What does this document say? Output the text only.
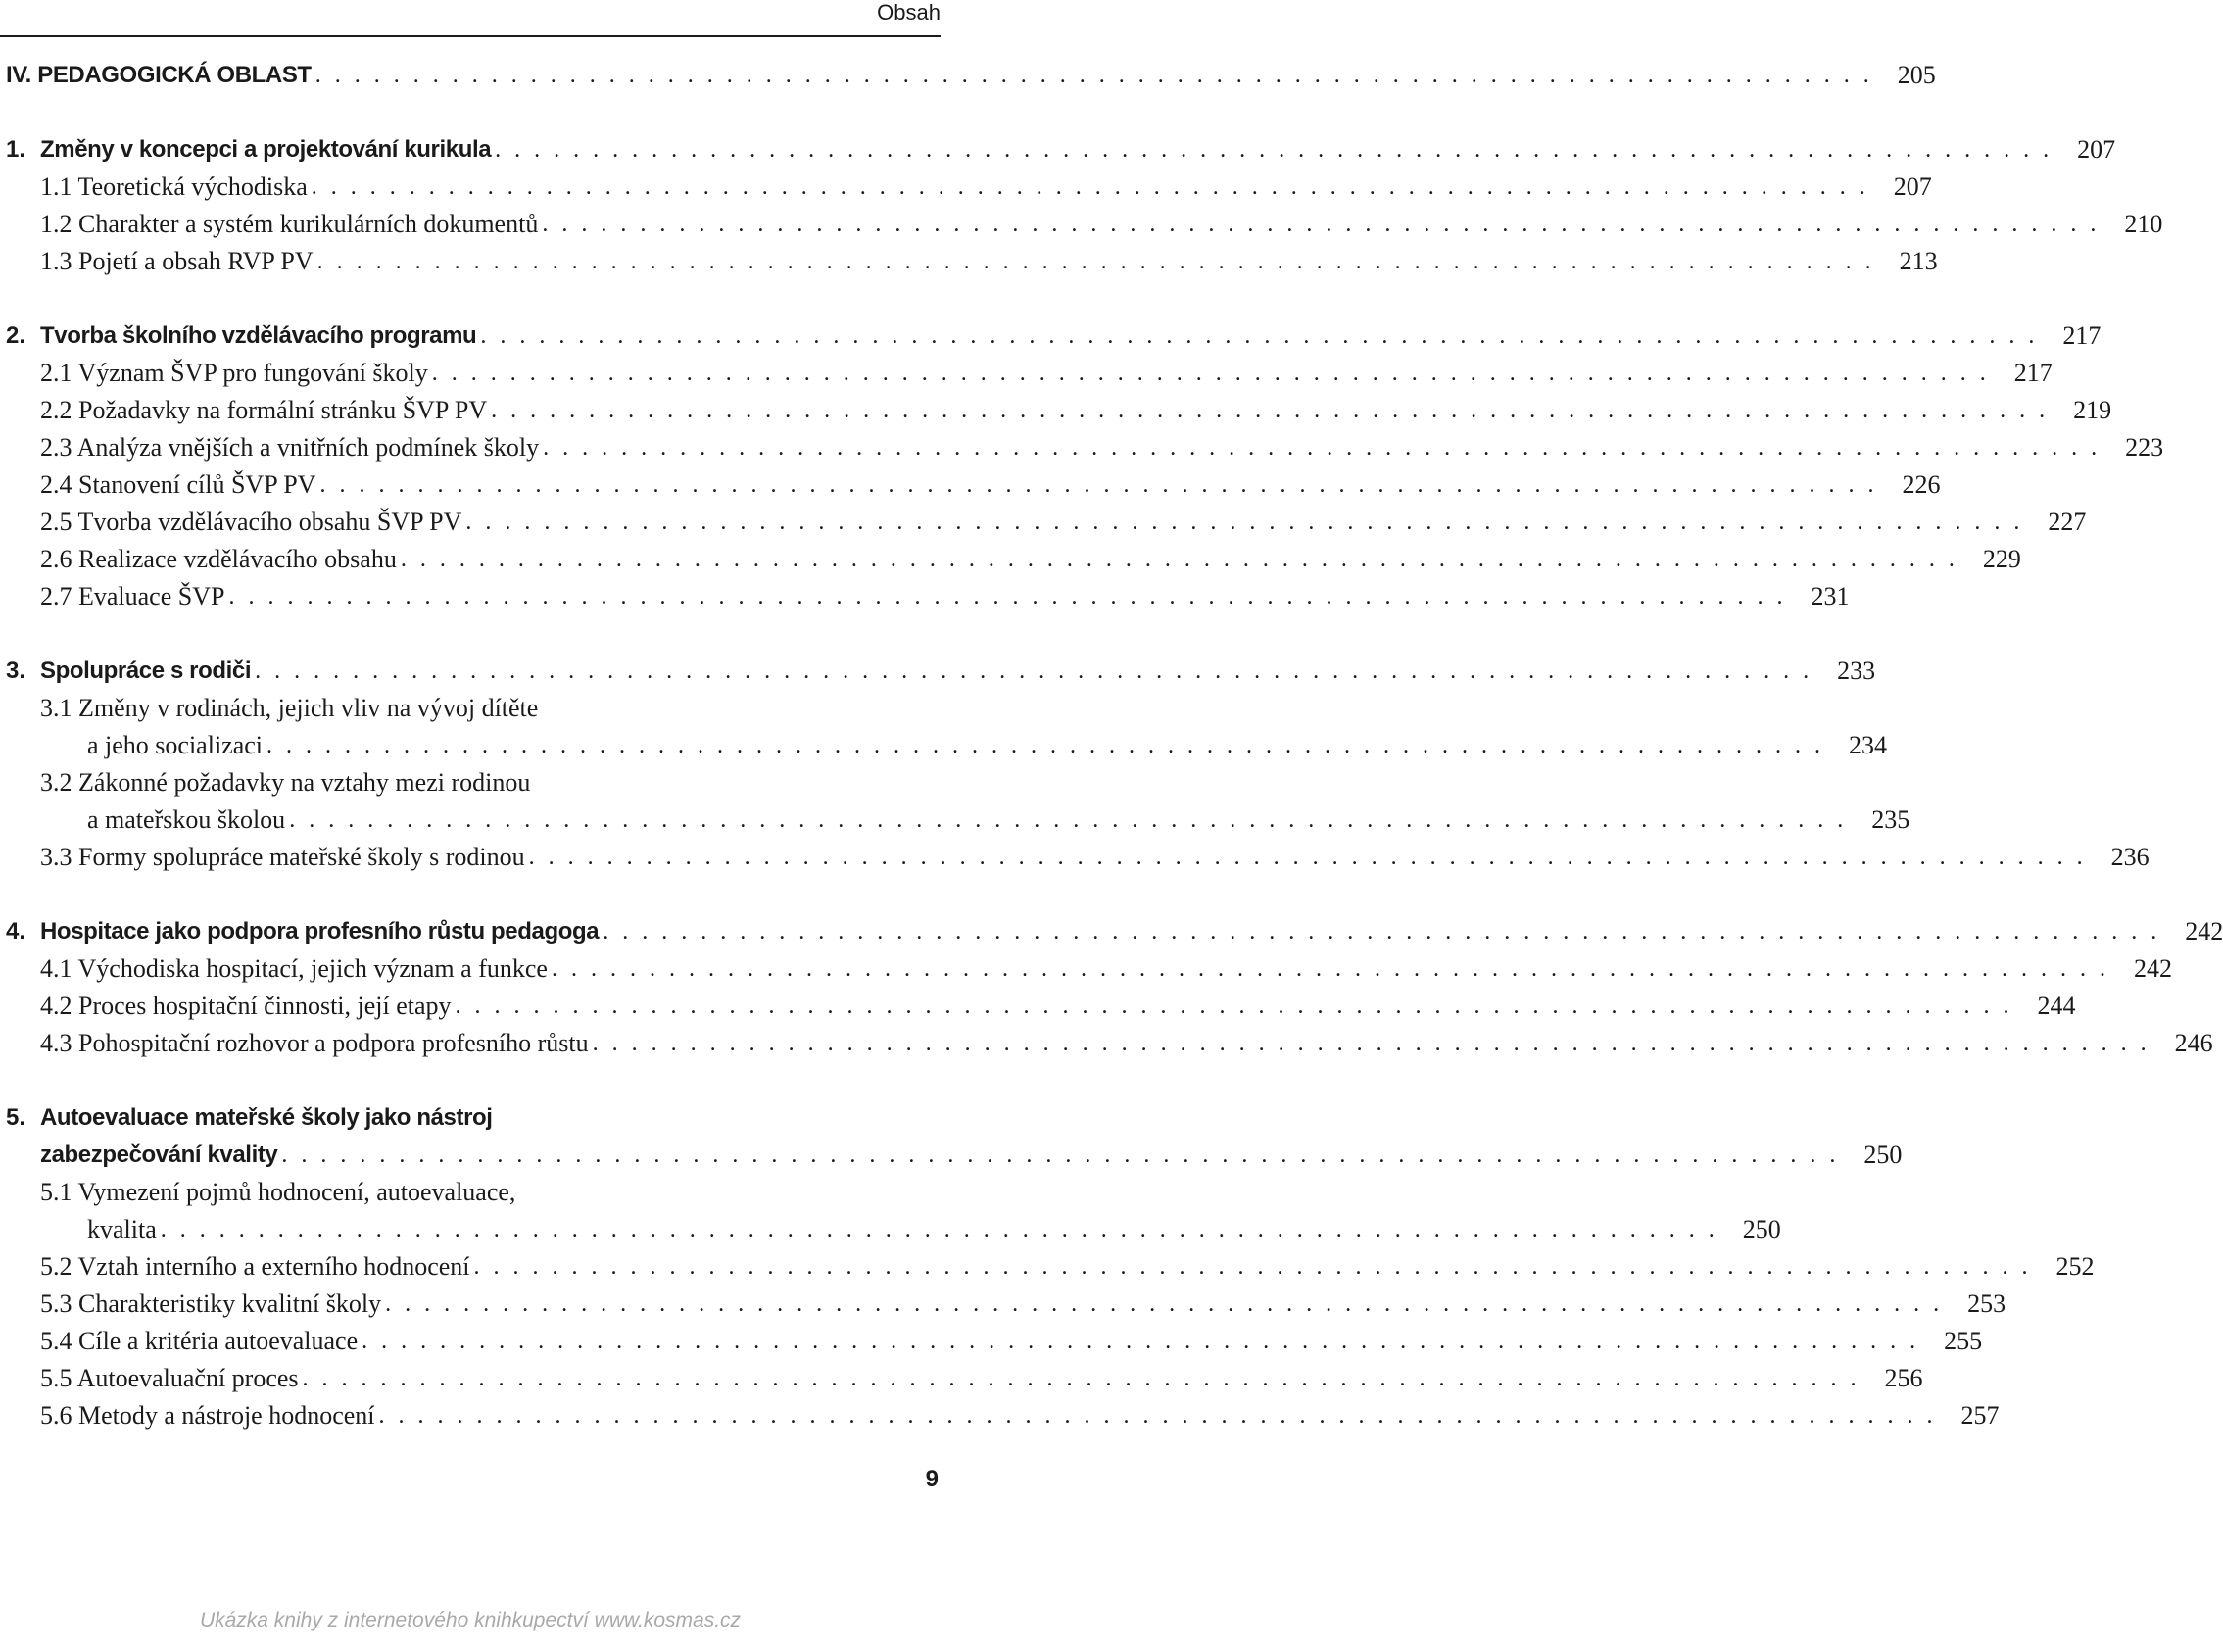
Obsah
IV. PEDAGOGICKÁ OBLAST . . . . . . . . . . . . . . . . . . . . . . . . . . . . . . . . . . . . . . . . . . . . . . . . . . . . . . . . . . . . . . . . . . . . . . . . . . . . . . . . 205
1. Změny v koncepci a projektování kurikula . . . . . . . . . . . . . . . . . . . . . . . . . . . . . . . . . . . . . . . . . . . . . . . . . . . . . . . . . . . . . . . . . . . . . . . . . . . . . . . . 207
1.1 Teoretická východiska . . . . . . . . . . . . . . . . . . . . . . . . . . . . . . . . . . . . . . . . . . . . . . . . . . . . . . . . . . . . . . . . . . . . . . . . . . . . . . . . 207
1.2 Charakter a systém kurikulárních dokumentů . . . . . . . . . . . . . . . . . . . . . . . . . . . . . . . . . . . . . . . . . . . . . . . . . . . . . . . . . . . . . . . . . . . . . . . . . . . . . . . . 210
1.3 Pojetí a obsah RVP PV . . . . . . . . . . . . . . . . . . . . . . . . . . . . . . . . . . . . . . . . . . . . . . . . . . . . . . . . . . . . . . . . . . . . . . . . . . . . . . . . 213
2. Tvorba školního vzdělávacího programu . . . . . . . . . . . . . . . . . . . . . . . . . . . . . . . . . . . . . . . . . . . . . . . . . . . . . . . . . . . . . . . . . . . . . . . . . . . . . . . . 217
2.1 Význam ŠVP pro fungování školy . . . . . . . . . . . . . . . . . . . . . . . . . . . . . . . . . . . . . . . . . . . . . . . . . . . . . . . . . . . . . . . . . . . . . . . . . . . . . . . . 217
2.2 Požadavky na formální stránku ŠVP PV . . . . . . . . . . . . . . . . . . . . . . . . . . . . . . . . . . . . . . . . . . . . . . . . . . . . . . . . . . . . . . . . . . . . . . . . . . . . . . . . 219
2.3 Analýza vnějších a vnitřních podmínek školy . . . . . . . . . . . . . . . . . . . . . . . . . . . . . . . . . . . . . . . . . . . . . . . . . . . . . . . . . . . . . . . . . . . . . . . . . . . . . . . . 223
2.4 Stanovení cílů ŠVP PV . . . . . . . . . . . . . . . . . . . . . . . . . . . . . . . . . . . . . . . . . . . . . . . . . . . . . . . . . . . . . . . . . . . . . . . . . . . . . . . . 226
2.5 Tvorba vzdělávacího obsahu ŠVP PV . . . . . . . . . . . . . . . . . . . . . . . . . . . . . . . . . . . . . . . . . . . . . . . . . . . . . . . . . . . . . . . . . . . . . . . . . . . . . . . . 227
2.6 Realizace vzdělávacího obsahu . . . . . . . . . . . . . . . . . . . . . . . . . . . . . . . . . . . . . . . . . . . . . . . . . . . . . . . . . . . . . . . . . . . . . . . . . . . . . . . . 229
2.7 Evaluace ŠVP . . . . . . . . . . . . . . . . . . . . . . . . . . . . . . . . . . . . . . . . . . . . . . . . . . . . . . . . . . . . . . . . . . . . . . . . . . . . . . . . 231
3. Spolupráce s rodiči . . . . . . . . . . . . . . . . . . . . . . . . . . . . . . . . . . . . . . . . . . . . . . . . . . . . . . . . . . . . . . . . . . . . . . . . . . . . . . . . 233
3.1 Změny v rodinách, jejich vliv na vývoj dítěte
a jeho socializaci . . . . . . . . . . . . . . . . . . . . . . . . . . . . . . . . . . . . . . . . . . . . . . . . . . . . . . . . . . . . . . . . . . . . . . . . . . . . . . . . 234
3.2 Zákonné požadavky na vztahy mezi rodinou
a mateřskou školou . . . . . . . . . . . . . . . . . . . . . . . . . . . . . . . . . . . . . . . . . . . . . . . . . . . . . . . . . . . . . . . . . . . . . . . . . . . . . . . . 235
3.3 Formy spolupráce mateřské školy s rodinou . . . . . . . . . . . . . . . . . . . . . . . . . . . . . . . . . . . . . . . . . . . . . . . . . . . . . . . . . . . . . . . . . . . . . . . . . . . . . . . . 236
4. Hospitace jako podpora profesního růstu pedagoga . . . . . . . . . . . . . . . . . . . . . . . . . . . . . . . . . . . . . . . . . . . . . . . . . . . . . . . . . . . . . . . . . . . . . . . . . . . . . . . . 242
4.1 Východiska hospitací, jejich význam a funkce . . . . . . . . . . . . . . . . . . . . . . . . . . . . . . . . . . . . . . . . . . . . . . . . . . . . . . . . . . . . . . . . . . . . . . . . . . . . . . . . 242
4.2 Proces hospitační činnosti, její etapy . . . . . . . . . . . . . . . . . . . . . . . . . . . . . . . . . . . . . . . . . . . . . . . . . . . . . . . . . . . . . . . . . . . . . . . . . . . . . . . . 244
4.3 Pohospitační rozhovor a podpora profesního růstu . . . . . . . . . . . . . . . . . . . . . . . . . . . . . . . . . . . . . . . . . . . . . . . . . . . . . . . . . . . . . . . . . . . . . . . . . . . . . . . . 246
5. Autoevaluace mateřské školy jako nástroj
zabezpečování kvality . . . . . . . . . . . . . . . . . . . . . . . . . . . . . . . . . . . . . . . . . . . . . . . . . . . . . . . . . . . . . . . . . . . . . . . . . . . . . . . . 250
5.1 Vymezení pojmů hodnocení, autoevaluace,
kvalita . . . . . . . . . . . . . . . . . . . . . . . . . . . . . . . . . . . . . . . . . . . . . . . . . . . . . . . . . . . . . . . . . . . . . . . . . . . . . . . . 250
5.2 Vztah interního a externího hodnocení . . . . . . . . . . . . . . . . . . . . . . . . . . . . . . . . . . . . . . . . . . . . . . . . . . . . . . . . . . . . . . . . . . . . . . . . . . . . . . . . 252
5.3 Charakteristiky kvalitní školy . . . . . . . . . . . . . . . . . . . . . . . . . . . . . . . . . . . . . . . . . . . . . . . . . . . . . . . . . . . . . . . . . . . . . . . . . . . . . . . . 253
5.4 Cíle a kritéria autoevaluace . . . . . . . . . . . . . . . . . . . . . . . . . . . . . . . . . . . . . . . . . . . . . . . . . . . . . . . . . . . . . . . . . . . . . . . . . . . . . . . . 255
5.5 Autoevaluační proces . . . . . . . . . . . . . . . . . . . . . . . . . . . . . . . . . . . . . . . . . . . . . . . . . . . . . . . . . . . . . . . . . . . . . . . . . . . . . . . . 256
5.6 Metody a nástroje hodnocení . . . . . . . . . . . . . . . . . . . . . . . . . . . . . . . . . . . . . . . . . . . . . . . . . . . . . . . . . . . . . . . . . . . . . . . . . . . . . . . . 257
9
Ukázka knihy z internetového knihkupectví www.kosmas.cz
